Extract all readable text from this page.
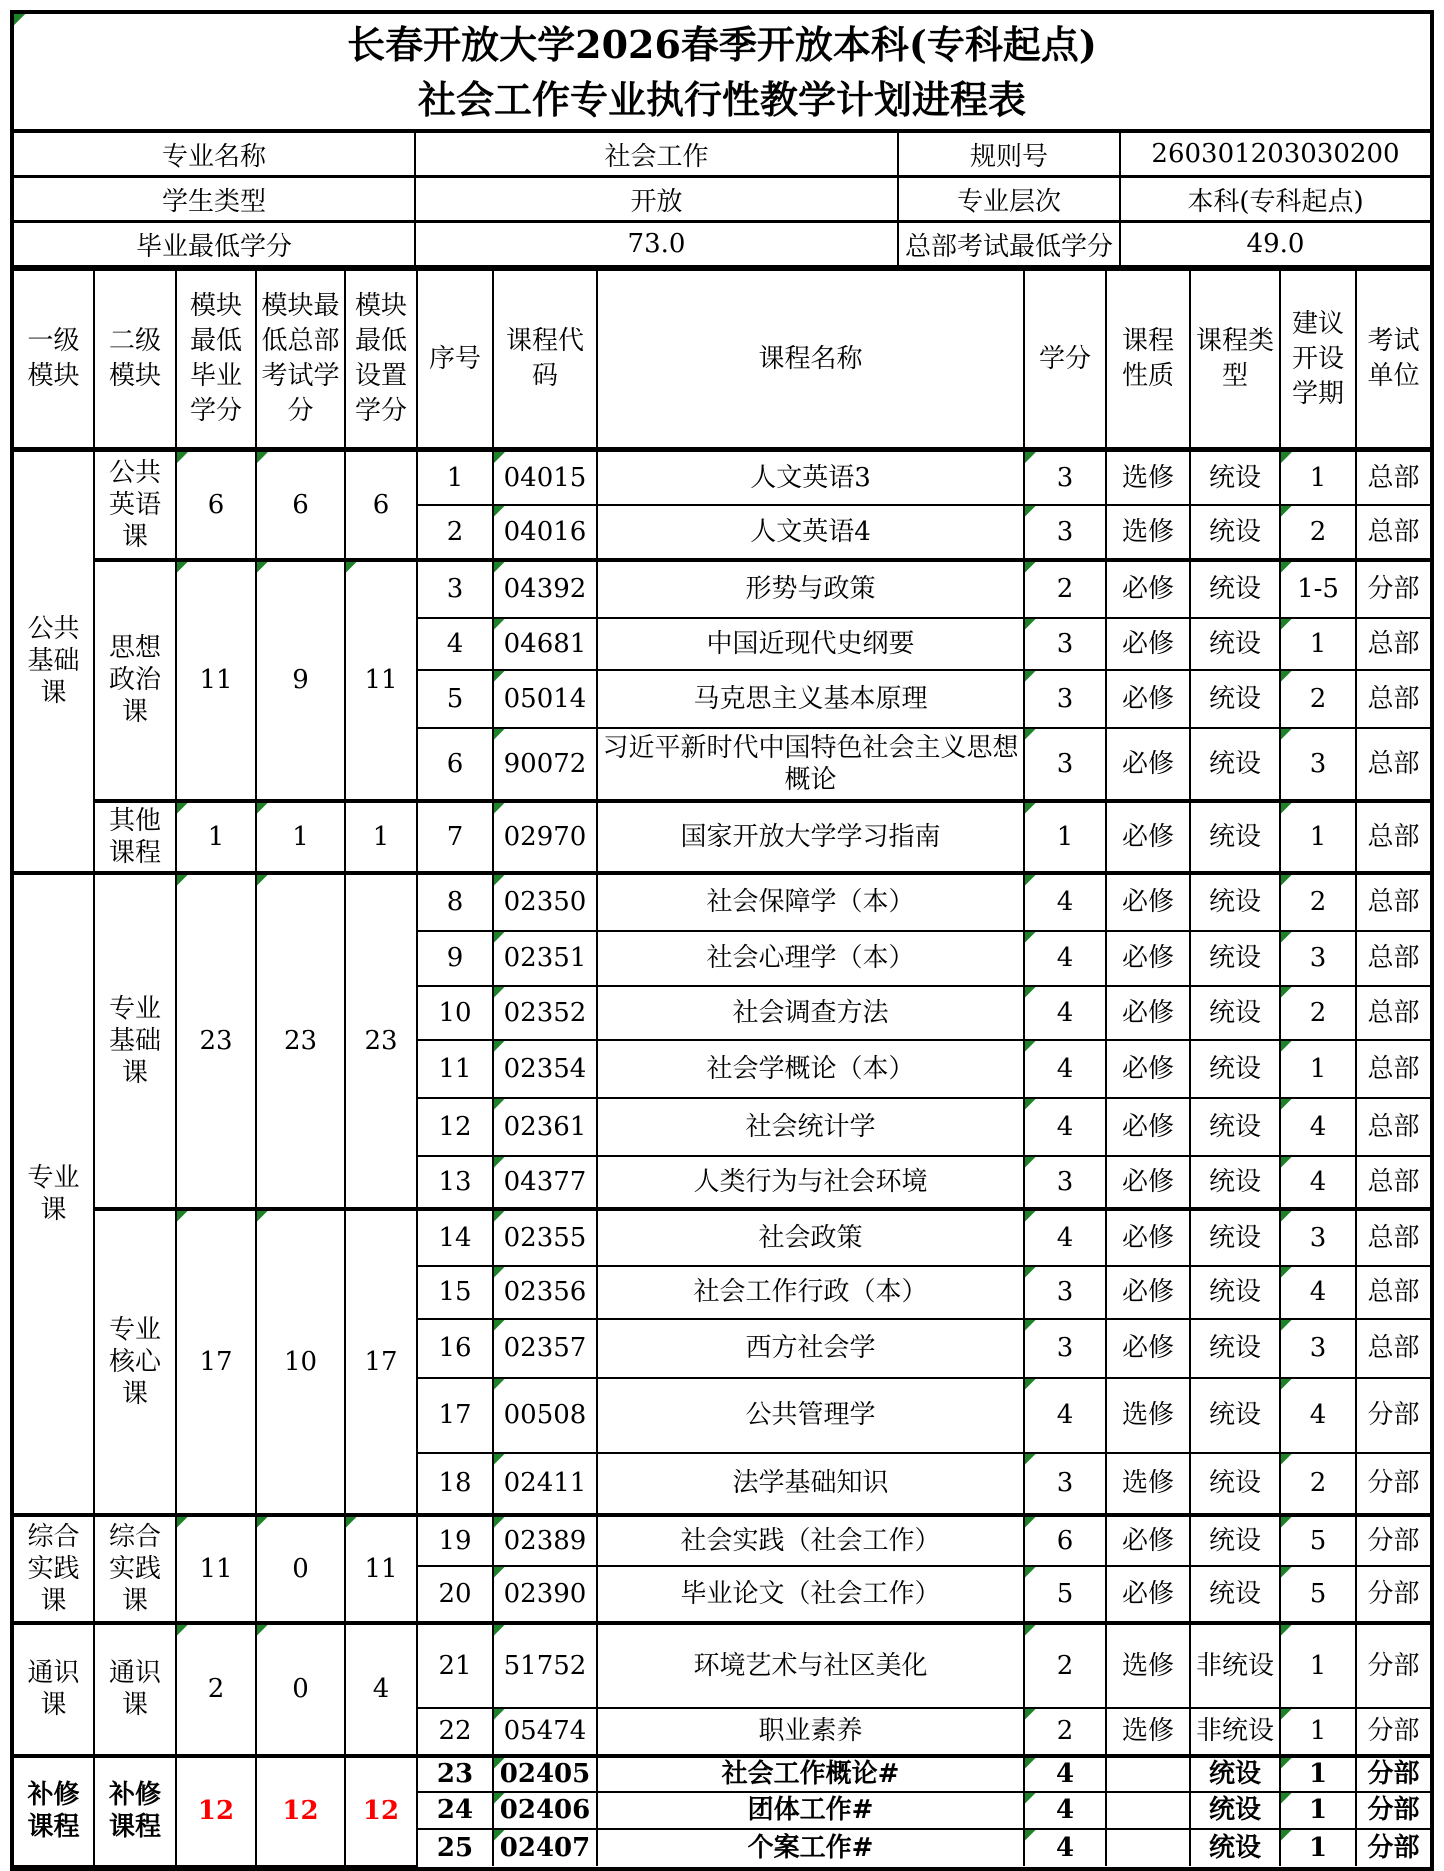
长春开放大学2026春季开放本科(专科起点)
社会工作专业执行性教学计划进程表
专业名称	社会工作	规则号	260301203030200

学生类型	开放	专业层次	本科(专科起点)
毕业最低学分	73.0	总部考试最低学分	49.0
一级模块	二级模块	模块最低毕业学分	模块最低总部考试学分	模块最低设置学分	序号	课程代码	课程名称	学分	课程性质	课程类型	建议开设学期	考试单位
公共基础课	公共英语课	6	6	6	1	04015	人文英语3	3	选修	统设	1	总部
					2	04016	人文英语4	3	选修	统设	2	总部
	思想政治课	11	9	11	3	04392	形势与政策	2	必修	统设	1-5	分部
					4	04681	中国近现代史纲要	3	必修	统设	1	总部
					5	05014	马克思主义基本原理	3	必修	统设	2	总部
					6	90072	习近平新时代中国特色社会主义思想概论	3	必修	统设	3	总部
	其他课程	1	1	1	7	02970	国家开放大学学习指南	1	必修	统设	1	总部
专业课	专业基础课	23	23	23	8	02350	社会保障学（本）	4	必修	统设	2	总部
					9	02351	社会心理学（本）	4	必修	统设	3	总部
					10	02352	社会调查方法	4	必修	统设	2	总部
					11	02354	社会学概论（本）	4	必修	统设	1	总部
					12	02361	社会统计学	4	必修	统设	4	总部
					13	04377	人类行为与社会环境	3	必修	统设	4	总部
	专业核心课	17	10	17	14	02355	社会政策	4	必修	统设	3	总部
					15	02356	社会工作行政（本）	3	必修	统设	4	总部
					16	02357	西方社会学	3	必修	统设	3	总部
					17	00508	公共管理学	4	选修	统设	4	分部
					18	02411	法学基础知识	3	选修	统设	2	分部
综合实践课	综合实践课	11	0	11	19	02389	社会实践（社会工作）	6	必修	统设	5	分部
					20	02390	毕业论文（社会工作）	5	必修	统设	5	分部
通识课	通识课	2	0	4	21	51752	环境艺术与社区美化	2	选修	非统设	1	分部
					22	05474	职业素养	2	选修	非统设	1	分部
补修课程	补修课程	12	12	12	23	02405	社会工作概论#	4		统设	1	分部
					24	02406	团体工作#	4		统设	1	分部
					25	02407	个案工作#	4		统设	1	分部
